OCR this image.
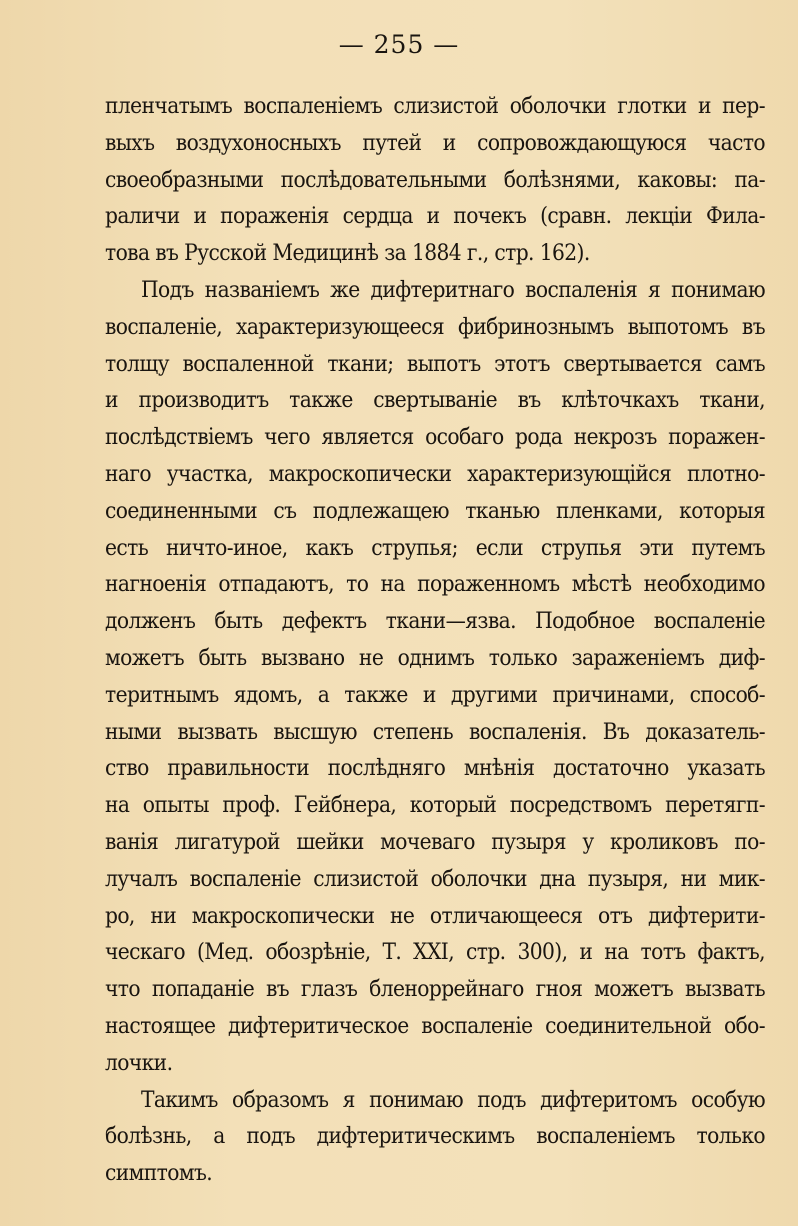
— 255 —
пленчатымъ воспаленіемъ слизистой оболочки глотки и пер-
выхъ воздухоносныхъ путей и сопровождающуюся часто
своеобразными послѣдовательными болѣзнями, каковы: па-
раличи и пораженія сердца и почекъ (сравн. лекціи Фила-
това въ Русской Медицинѣ за 1884 г., стр. 162).
Подъ названіемъ же дифтеритнаго воспаленія я понимаю
воспаленіе, характеризующееся фибринознымъ выпотомъ въ
толщу воспаленной ткани; выпотъ этотъ свертывается самъ
и производитъ также свертываніе въ клѣточкахъ ткани,
послѣдствіемъ чего является особаго рода некрозъ поражен-
наго участка, макроскопически характеризующійся плотно-
соединенными съ подлежащею тканью пленками, которыя
есть ничто-иное, какъ струпья; если струпья эти путемъ
нагноенія отпадаютъ, то на пораженномъ мѣстѣ необходимо
долженъ быть дефектъ ткани—язва. Подобное воспаленіе
можетъ быть вызвано не однимъ только зараженіемъ диф-
теритнымъ ядомъ, а также и другими причинами, способ-
ными вызвать высшую степень воспаленія. Въ доказатель-
ство правильности послѣдняго мнѣнія достаточно указать
на опыты проф. Гейбнера, который посредствомъ перетягп-
ванія лигатурой шейки мочеваго пузыря у кроликовъ по-
лучалъ воспаленіе слизистой оболочки дна пузыря, ни мик-
ро, ни макроскопически не отличающееся отъ дифтерити-
ческаго (Мед. обозрѣніе, Т. XXI, стр. 300), и на тотъ фактъ,
что попаданіе въ глазъ бленоррейнаго гноя можетъ вызвать
настоящее дифтеритическое воспаленіе соединительной обо-
лочки.
Такимъ образомъ я понимаю подъ дифтеритомъ особую
болѣзнь, а подъ дифтеритическимъ воспаленіемъ только
симптомъ.
